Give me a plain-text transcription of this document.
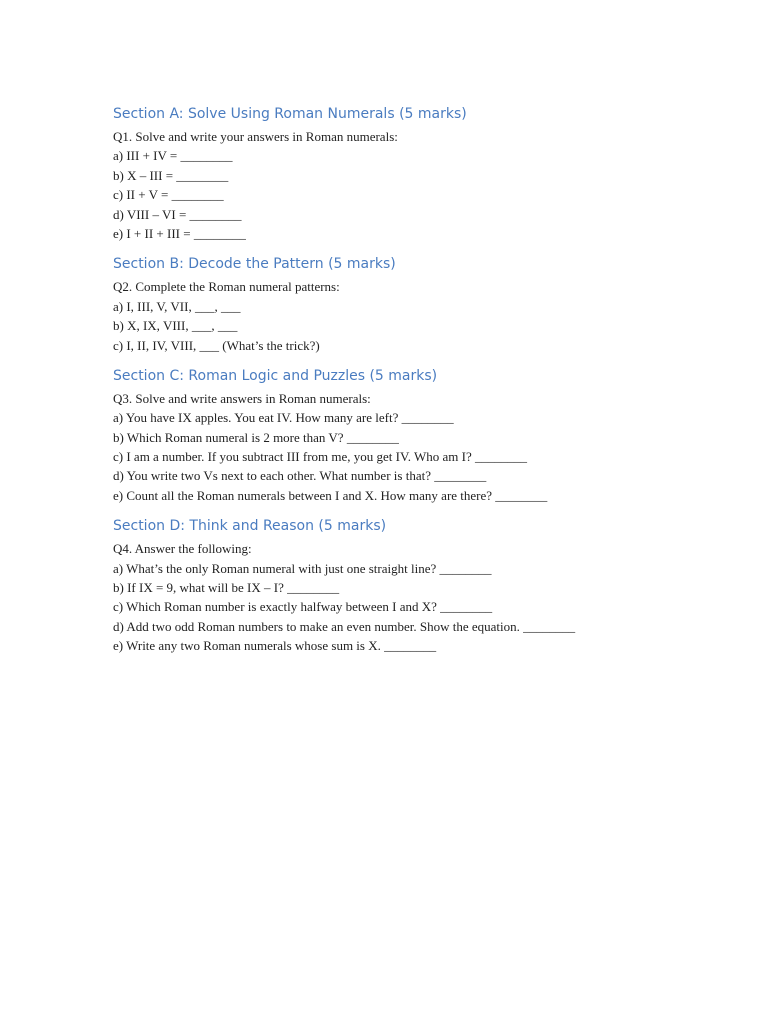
Section A: Solve Using Roman Numerals (5 marks)
Q1. Solve and write your answers in Roman numerals:
a) III + IV = ________
b) X – III = ________
c) II + V = ________
d) VIII – VI = ________
e) I + II + III = ________
Section B: Decode the Pattern (5 marks)
Q2. Complete the Roman numeral patterns:
a) I, III, V, VII, ___, ___
b) X, IX, VIII, ___, ___
c) I, II, IV, VIII, ___ (What’s the trick?)
Section C: Roman Logic and Puzzles (5 marks)
Q3. Solve and write answers in Roman numerals:
a) You have IX apples. You eat IV. How many are left? ________
b) Which Roman numeral is 2 more than V? ________
c) I am a number. If you subtract III from me, you get IV. Who am I? ________
d) You write two Vs next to each other. What number is that? ________
e) Count all the Roman numerals between I and X. How many are there? ________
Section D: Think and Reason (5 marks)
Q4. Answer the following:
a) What’s the only Roman numeral with just one straight line? ________
b) If IX = 9, what will be IX – I? ________
c) Which Roman number is exactly halfway between I and X? ________
d) Add two odd Roman numbers to make an even number. Show the equation. ________
e) Write any two Roman numerals whose sum is X. ________
